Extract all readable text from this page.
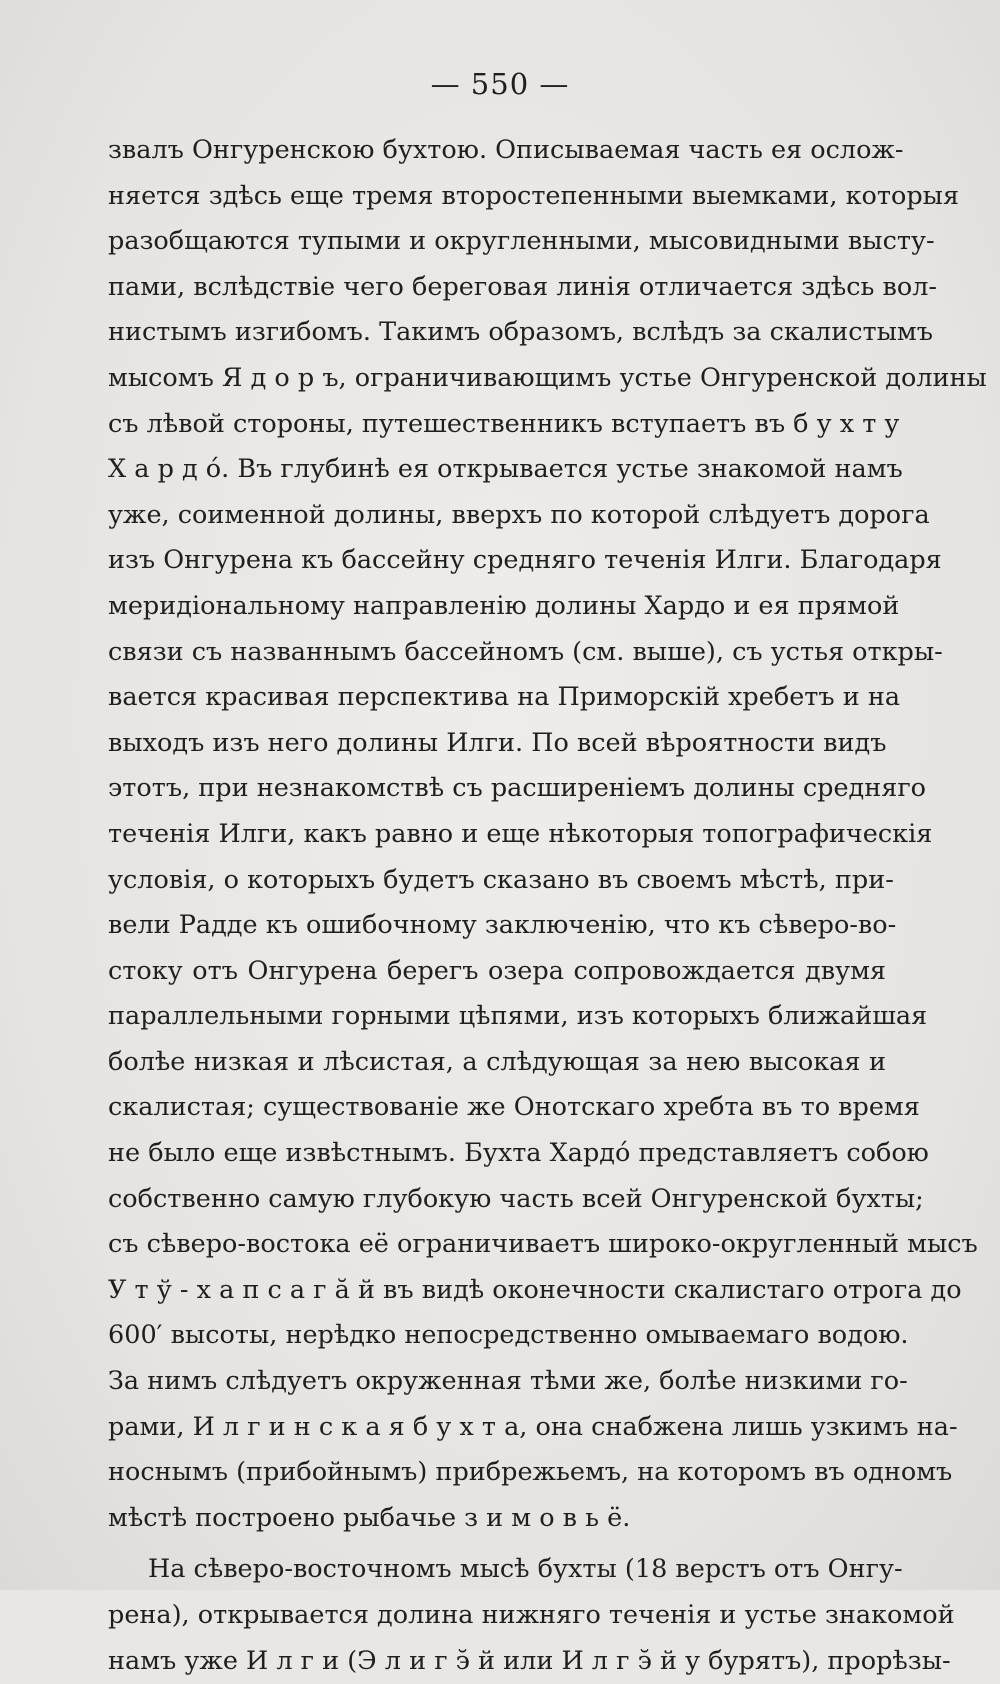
— 550 —
звалъ Онгуренскою бухтою. Описываемая часть ея ослож-
няется здѣсь еще тремя второстепенными выемками, которыя
разобщаются тупыми и округленными, мысовидными высту-
пами, вслѣдствіе чего береговая линія отличается здѣсь вол-
нистымъ изгибомъ. Такимъ образомъ, вслѣдъ за скалистымъ
мысомъ Я д о р ъ, ограничивающимъ устье Онгуренской долины
съ лѣвой стороны, путешественникъ вступаетъ въ б у х т у
Х а р д о́. Въ глубинѣ ея открывается устье знакомой намъ
уже, соименной долины, вверхъ по которой слѣдуетъ дорога
изъ Онгурена къ бассейну средняго теченія Илги. Благодаря
меридіональному направленію долины Хардо и ея прямой
связи съ названнымъ бассейномъ (см. выше), съ устья откры-
вается красивая перспектива на Приморскій хребетъ и на
выходъ изъ него долины Илги. По всей вѣроятности видъ
этотъ, при незнакомствѣ съ расширеніемъ долины средняго
теченія Илги, какъ равно и еще нѣкоторыя топографическія
условія, о которыхъ будетъ сказано въ своемъ мѣстѣ, при-
вели Радде къ ошибочному заключенію, что къ сѣверо-во-
стоку отъ Онгурена берегъ озера сопровождается двумя
параллельными горными цѣпями, изъ которыхъ ближайшая
болѣе низкая и лѣсистая, а слѣдующая за нею высокая и
скалистая; существованіе же Онотскаго хребта въ то время
не было еще извѣстнымъ. Бухта Хардо́ представляетъ собою
собственно самую глубокую часть всей Онгуренской бухты;
съ сѣверо-востока её ограничиваетъ широко-округленный мысъ
У т ў - х а п с а г ӑ й въ видѣ оконечности скалистаго отрога до
600′ высоты, нерѣдко непосредственно омываемаго водою.
За нимъ слѣдуетъ окруженная тѣми же, болѣе низкими го-
рами, И л г и н с к а я б у х т а, она снабжена лишь узкимъ на-
носнымъ (прибойнымъ) прибрежьемъ, на которомъ въ одномъ
мѣстѣ построено рыбачье з и м о в ь ё.
На сѣверо-восточномъ мысѣ бухты (18 верстъ отъ Онгу-
рена), открывается долина нижняго теченія и устье знакомой
намъ уже И л г и (Э л и г э̆ й или И л г э̆ й у бурятъ), прорѣзы-
